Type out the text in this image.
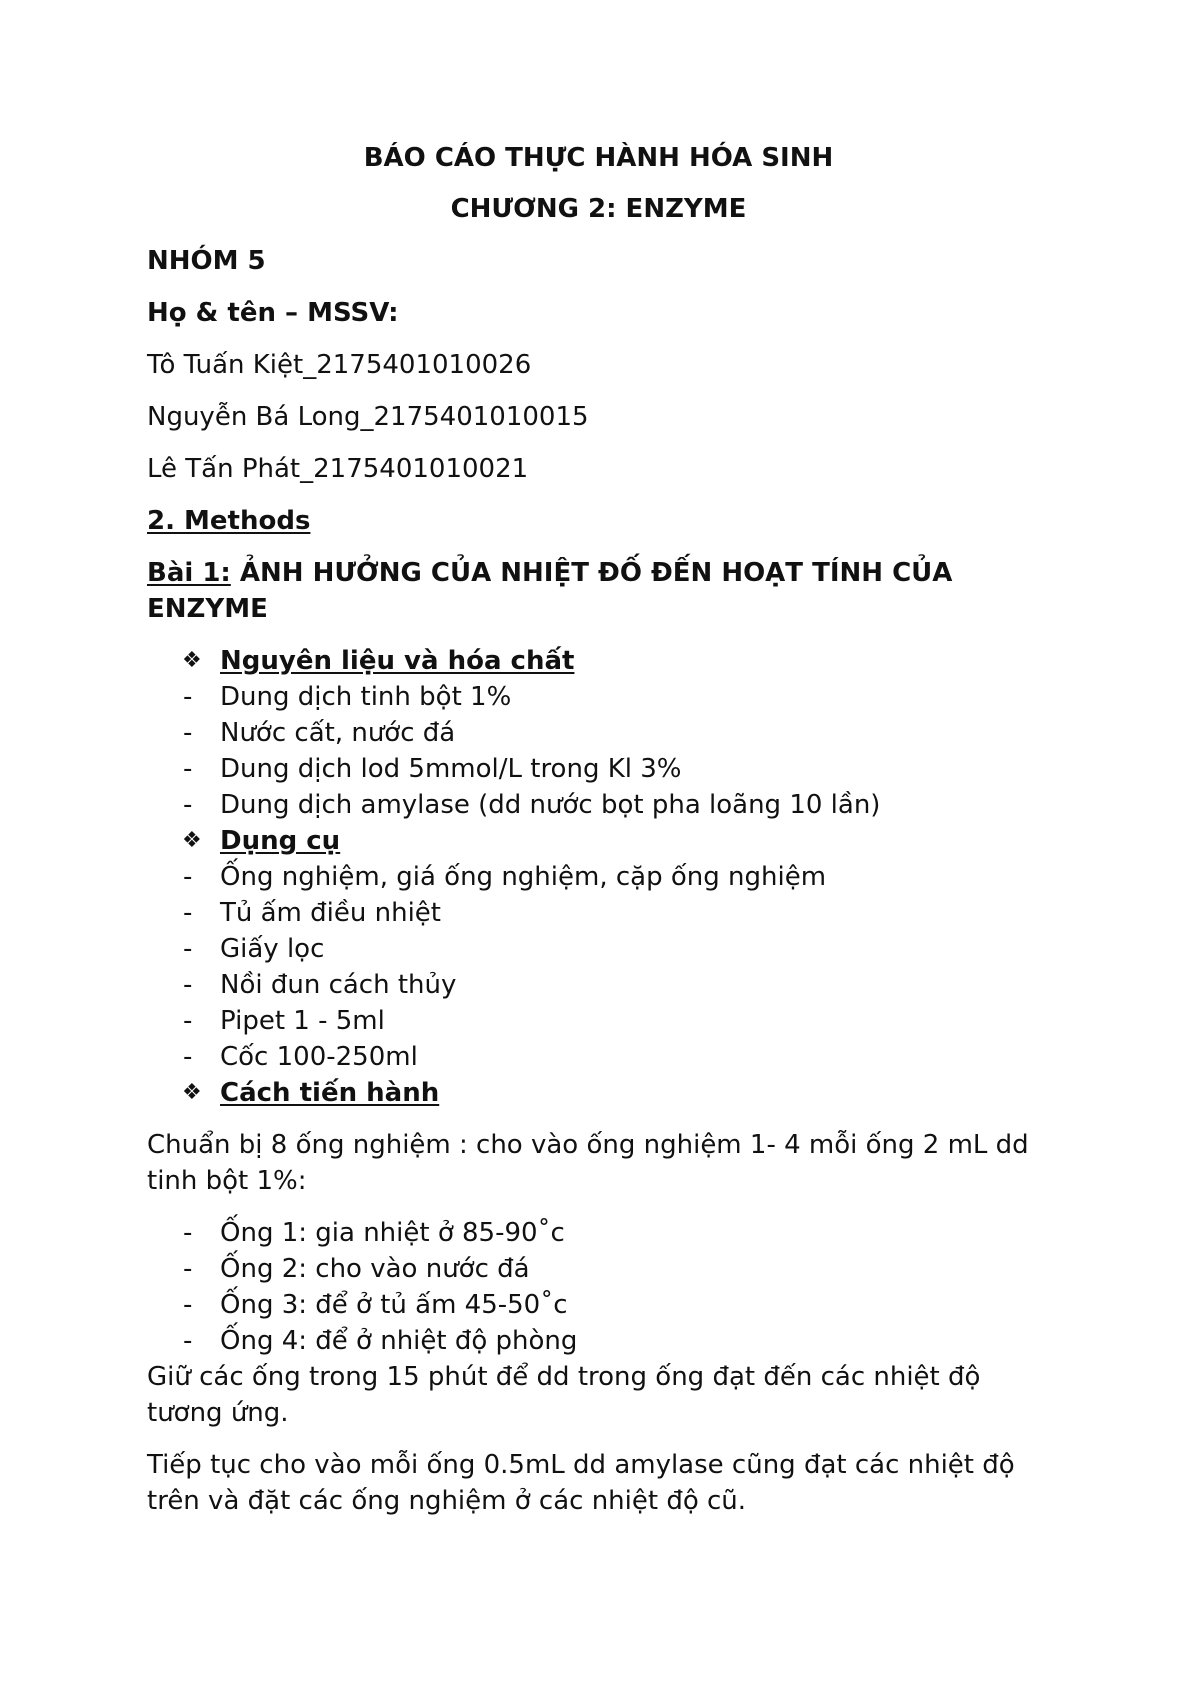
BÁO CÁO THỰC HÀNH HÓA SINH

CHƯƠNG 2: ENZYME

NHÓM 5

Họ & tên – MSSV:

Tô Tuấn Kiệt_2175401010026

Nguyễn Bá Long_2175401010015

Lê Tấn Phát_2175401010021

2. Methods

Bài 1: ẢNH HƯỞNG CỦA NHIỆT ĐỐ ĐẾN HOẠT TÍNH CỦA ENZYME

❖ Nguyên liệu và hóa chất
- Dung dịch tinh bột 1%
- Nước cất, nước đá
- Dung dịch lod 5mmol/L trong Kl 3%
- Dung dịch amylase (dd nước bọt pha loãng 10 lần)
❖ Dụng cụ
- Ống nghiệm, giá ống nghiệm, cặp ống nghiệm
- Tủ ấm điều nhiệt
- Giấy lọc
- Nồi đun cách thủy
- Pipet 1 - 5ml
- Cốc 100-250ml
❖ Cách tiến hành

Chuẩn bị 8 ống nghiệm : cho vào ống nghiệm 1- 4 mỗi ống 2 mL dd tinh bột 1%:

- Ống 1: gia nhiệt ở 85-90˚c
- Ống 2: cho vào nước đá
- Ống 3: để ở tủ ấm 45-50˚c
- Ống 4: để ở nhiệt độ phòng

Giữ các ống trong 15 phút để dd trong ống đạt đến các nhiệt độ tương ứng.

Tiếp tục cho vào mỗi ống 0.5mL dd amylase cũng đạt các nhiệt độ trên và đặt các ống nghiệm ở các nhiệt độ cũ.
